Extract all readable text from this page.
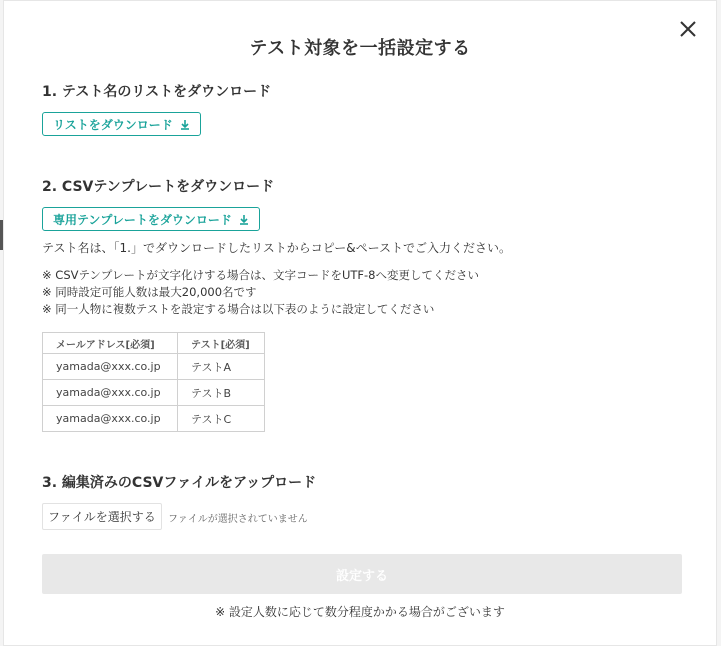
テスト対象を一括設定する
1. テスト名のリストをダウンロード
リストをダウンロード
2. CSVテンプレートをダウンロード
専用テンプレートをダウンロード
テスト名は、「1.」でダウンロードしたリストからコピー&ペーストでご入力ください。
※ CSVテンプレートが文字化けする場合は、文字コードをUTF-8へ変更してください
※ 同時設定可能人数は最大20,000名です
※ 同一人物に複数テストを設定する場合は以下表のように設定してください
メールアドレス[必須]	テスト[必須]
yamada@xxx.co.jp	テストA
yamada@xxx.co.jp	テストB
yamada@xxx.co.jp	テストC
3. 編集済みのCSVファイルをアップロード
ファイルを選択する	ファイルが選択されていません
設定する
※ 設定人数に応じて数分程度かかる場合がございます
